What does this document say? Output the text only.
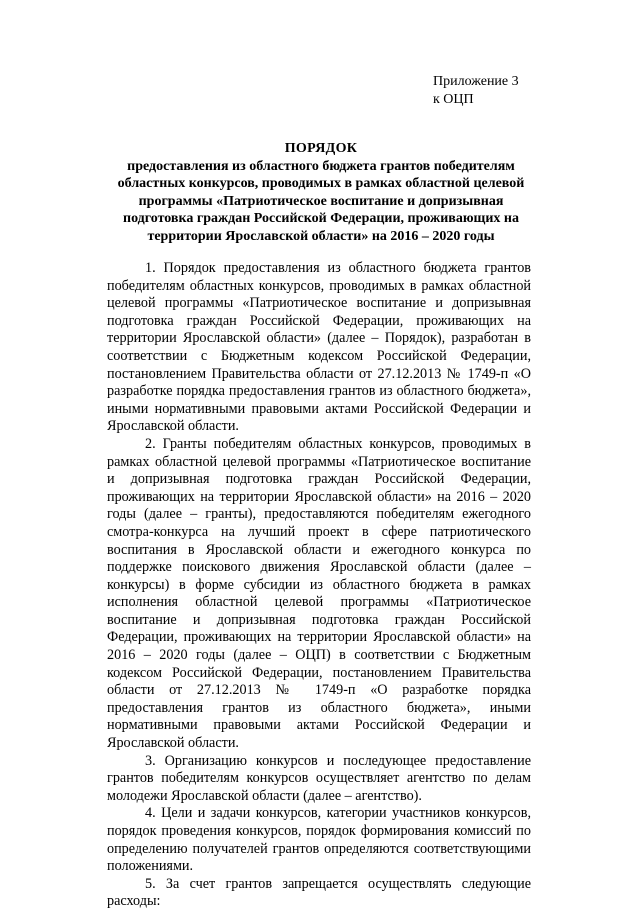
Приложение 3
к ОЦП
ПОРЯДОК
предоставления из областного бюджета грантов победителям областных конкурсов, проводимых в рамках областной целевой программы «Патриотическое воспитание и допризывная подготовка граждан Российской Федерации, проживающих на территории Ярославской области» на 2016 – 2020 годы

1. Порядок предоставления из областного бюджета грантов победителям областных конкурсов, проводимых в рамках областной целевой программы «Патриотическое воспитание и допризывная подготовка граждан Российской Федерации, проживающих на территории Ярославской области» (далее – Порядок), разработан в соответствии с Бюджетным кодексом Российской Федерации, постановлением Правительства области от 27.12.2013 № 1749-п «О разработке порядка предоставления грантов из областного бюджета», иными нормативными правовыми актами Российской Федерации и Ярославской области.

2. Гранты победителям областных конкурсов, проводимых в рамках областной целевой программы «Патриотическое воспитание и допризывная подготовка граждан Российской Федерации, проживающих на территории Ярославской области» на 2016 – 2020 годы (далее – гранты), предоставляются победителям ежегодного смотра-конкурса на лучший проект в сфере патриотического воспитания в Ярославской области и ежегодного конкурса по поддержке поискового движения Ярославской области (далее – конкурсы) в форме субсидии из областного бюджета в рамках исполнения областной целевой программы «Патриотическое воспитание и допризывная подготовка граждан Российской Федерации, проживающих на территории Ярославской области» на 2016 – 2020 годы (далее – ОЦП) в соответствии с Бюджетным кодексом Российской Федерации, постановлением Правительства области от 27.12.2013 № 1749-п «О разработке порядка предоставления грантов из областного бюджета», иными нормативными правовыми актами Российской Федерации и Ярославской области.

3. Организацию конкурсов и последующее предоставление грантов победителям конкурсов осуществляет агентство по делам молодежи Ярославской области (далее – агентство).

4. Цели и задачи конкурсов, категории участников конкурсов, порядок проведения конкурсов, порядок формирования комиссий по определению получателей грантов определяются соответствующими положениями.

5. За счет грантов запрещается осуществлять следующие расходы:
